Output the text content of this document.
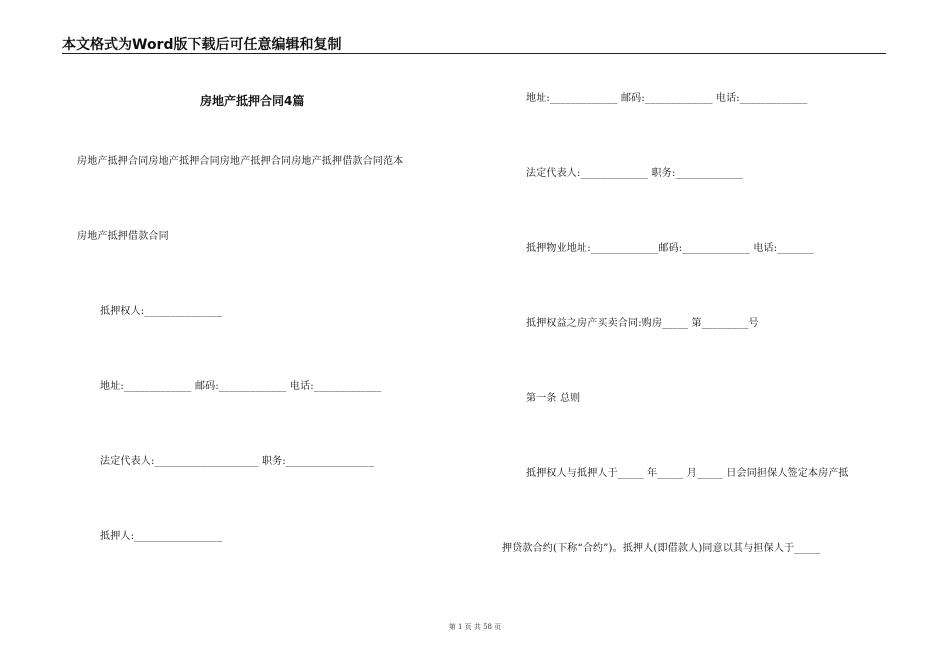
本文格式为Word版下载后可任意编辑和复制
房地产抵押合同4篇
房地产抵押合同房地产抵押合同房地产抵押合同房地产抵押借款合同范本
房地产抵押借款合同
抵押权人:_______________
地址:_____________ 邮码:_____________ 电话:_____________
法定代表人:____________________ 职务:_________________
抵押人:_________________
地址:_____________ 邮码:_____________ 电话:_____________
法定代表人:_____________ 职务:_____________
抵押物业地址:_____________邮码:_____________ 电话:_______
抵押权益之房产买卖合同:购房_____ 第_________号
第一条 总则
抵押权人与抵押人于_____ 年_____ 月_____ 日会同担保人签定本房产抵
押贷款合约(下称“合约”)。抵押人(即借款人)同意以其与担保人于_____
第 1 页 共 58 页
